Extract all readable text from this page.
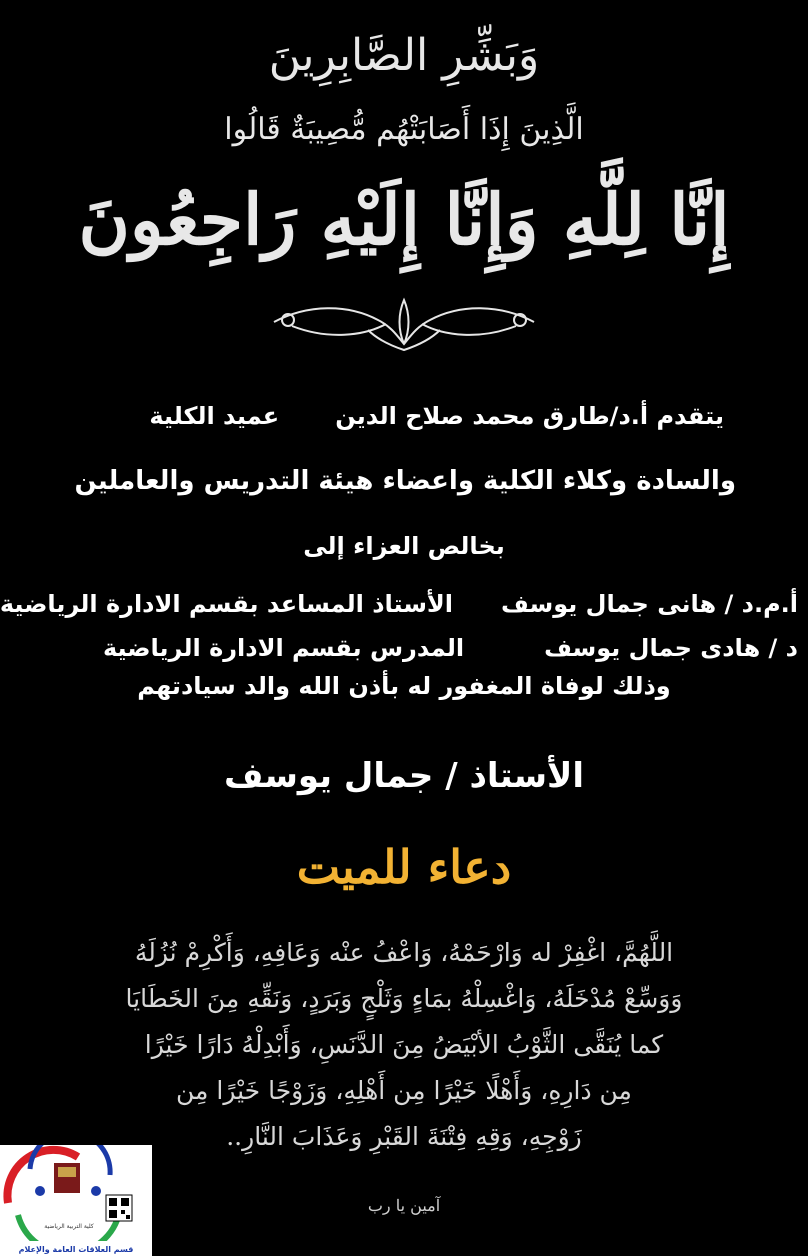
وَبَشِّرِ الصَّابِرِينَ
الَّذِينَ إِذَا أَصَابَتْهُم مُّصِيبَةٌ قَالُوا
إِنَّا لِلَّهِ وَإِنَّا إِلَيْهِ رَاجِعُونَ
يتقدم أ.د/طارق محمد صلاح الدينعميد الكلية
والسادة وكلاء الكلية واعضاء هيئة التدريس والعاملين
بخالص العزاء إلى
أ.م.د / هانى جمال يوسفالأستاذ المساعد بقسم الادارة الرياضية
د / هادى جمال يوسفالمدرس بقسم الادارة الرياضية
وذلك لوفاة المغفور له بأذن الله والد سيادتهم
الأستاذ / جمال يوسف
دعاء للميت
اللَّهُمَّ، اغْفِرْ له وَارْحَمْهُ، وَاعْفُ عنْه وَعَافِهِ، وَأَكْرِمْ نُزُلَهُ
وَوَسِّعْ مُدْخَلَهُ، وَاغْسِلْهُ بمَاءٍ وَثَلْجٍ وَبَرَدٍ، وَنَقِّهِ مِنَ الخَطَايَا
كما يُنَقَّى الثَّوْبُ الأبْيَضُ مِنَ الدَّنَسِ، وَأَبْدِلْهُ دَارًا خَيْرًا
مِن دَارِهِ، وَأَهْلًا خَيْرًا مِن أَهْلِهِ، وَزَوْجًا خَيْرًا مِن
زَوْجِهِ، وَقِهِ فِتْنَةَ القَبْرِ وَعَذَابَ النَّارِ..
آمين يا رب
كلية التربية الرياضية
قسم العلاقات العامة والإعلام
